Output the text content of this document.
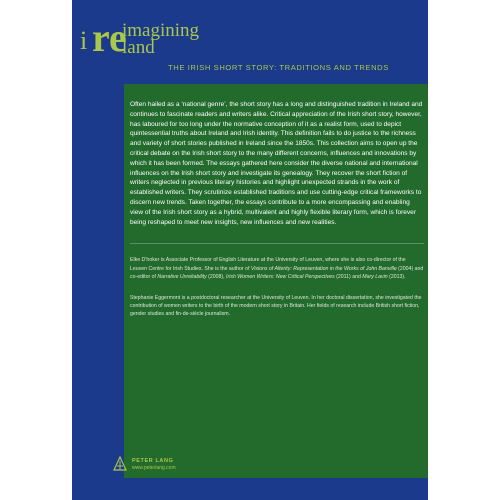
i re
imagining
land
THE IRISH SHORT STORY: TRADITIONS AND TRENDS

Often hailed as a ‘national genre’, the short story has a long and distinguished tradition in Ireland and continues to fascinate readers and writers alike. Critical appreciation of the Irish short story, however, has laboured for too long under the normative conception of it as a realist form, used to depict quintessential truths about Ireland and Irish identity. This definition fails to do justice to the richness and variety of short stories published in Ireland since the 1850s. This collection aims to open up the critical debate on the Irish short story to the many different concerns, influences and innovations by which it has been formed. The essays gathered here consider the diverse national and international influences on the Irish short story and investigate its genealogy. They recover the short fiction of writers neglected in previous literary histories and highlight unexpected strands in the work of established writers. They scrutinize established traditions and use cutting-edge critical frameworks to discern new trends. Taken together, the essays contribute to a more encompassing and enabling view of the Irish short story as a hybrid, multivalent and highly flexible literary form, which is forever being reshaped to meet new insights, new influences and new realities.

Elke D’hoker is Associate Professor of English Literature at the University of Leuven, where she is also co-director of the Leuven Centre for Irish Studies. She is the author of Visions of Alterity: Representation in the Works of John Banville (2004) and co-editor of Narrative Unreliability (2008), Irish Women Writers: New Critical Perspectives (2011) and Mary Lavin (2013).

Stephanie Eggermont is a postdoctoral researcher at the University of Leuven. In her doctoral dissertation, she investigated the contribution of women writers to the birth of the modern short story in Britain. Her fields of research include British short fiction, gender studies and fin-de-siècle journalism.

PETER LANG
www.peterlang.com
